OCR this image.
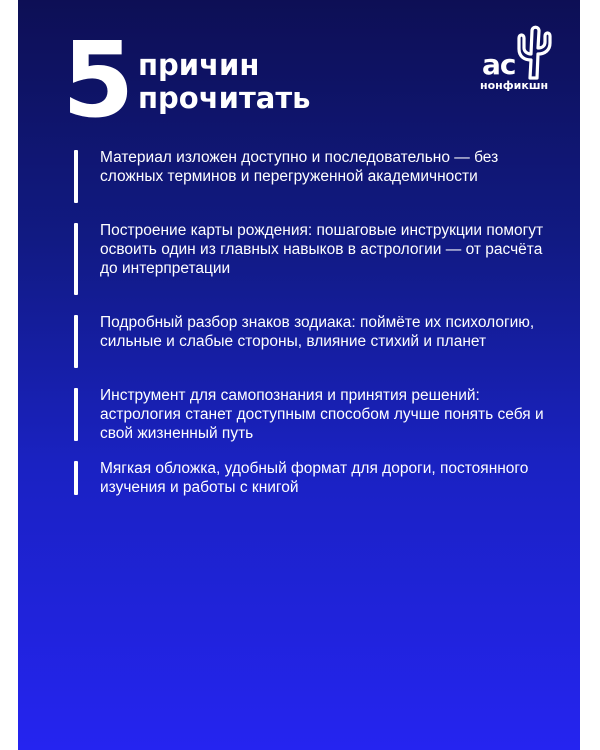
5 причин
прочитать
ас
нонфикшн
Материал изложен доступно и последовательно — без сложных терминов и перегруженной академичности
Построение карты рождения: пошаговые инструкции помогут освоить один из главных навыков в астрологии — от расчёта до интерпретации
Подробный разбор знаков зодиака: поймёте их психологию, сильные и слабые стороны, влияние стихий и планет
Инструмент для самопознания и принятия решений: астрология станет доступным способом лучше понять себя и свой жизненный путь
Мягкая обложка, удобный формат для дороги, постоянного изучения и работы с книгой
